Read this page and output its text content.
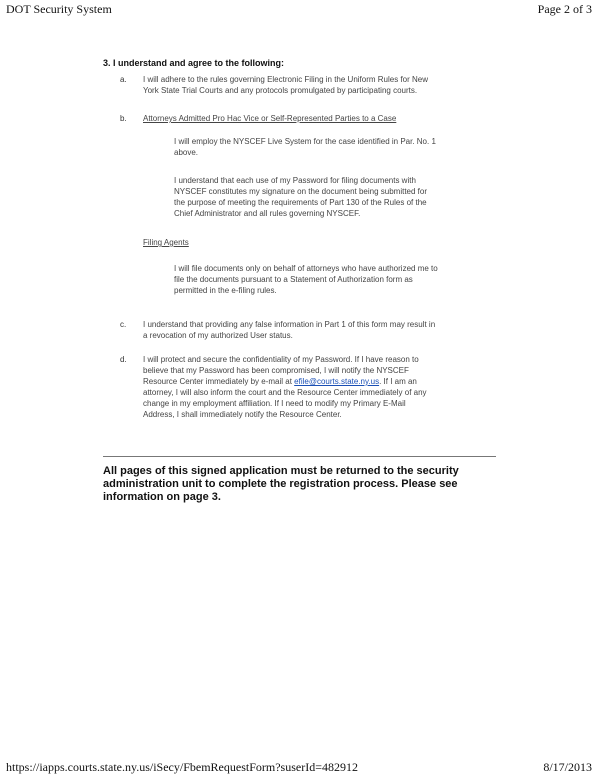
DOT Security System	Page 2 of 3
3. I understand and agree to the following:
a. I will adhere to the rules governing Electronic Filing in the Uniform Rules for New
York State Trial Courts and any protocols promulgated by participating courts.
b. Attorneys Admitted Pro Hac Vice or Self-Represented Parties to a Case
I will employ the NYSCEF Live System for the case identified in Par. No. 1
above.
I understand that each use of my Password for filing documents with
NYSCEF constitutes my signature on the document being submitted for
the purpose of meeting the requirements of Part 130 of the Rules of the
Chief Administrator and all rules governing NYSCEF.
Filing Agents
I will file documents only on behalf of attorneys who have authorized me to
file the documents pursuant to a Statement of Authorization form as
permitted in the e-filing rules.
c. I understand that providing any false information in Part 1 of this form may result in
a revocation of my authorized User status.
d. I will protect and secure the confidentiality of my Password. If I have reason to
believe that my Password has been compromised, I will notify the NYSCEF
Resource Center immediately by e-mail at efile@courts.state.ny.us. If I am an
attorney, I will also inform the court and the Resource Center immediately of any
change in my employment affiliation. If I need to modify my Primary E-Mail
Address, I shall immediately notify the Resource Center.
All pages of this signed application must be returned to the security
administration unit to complete the registration process. Please see
information on page 3.
https://iapps.courts.state.ny.us/iSecy/FbemRequestForm?suserId=482912	8/17/2013
